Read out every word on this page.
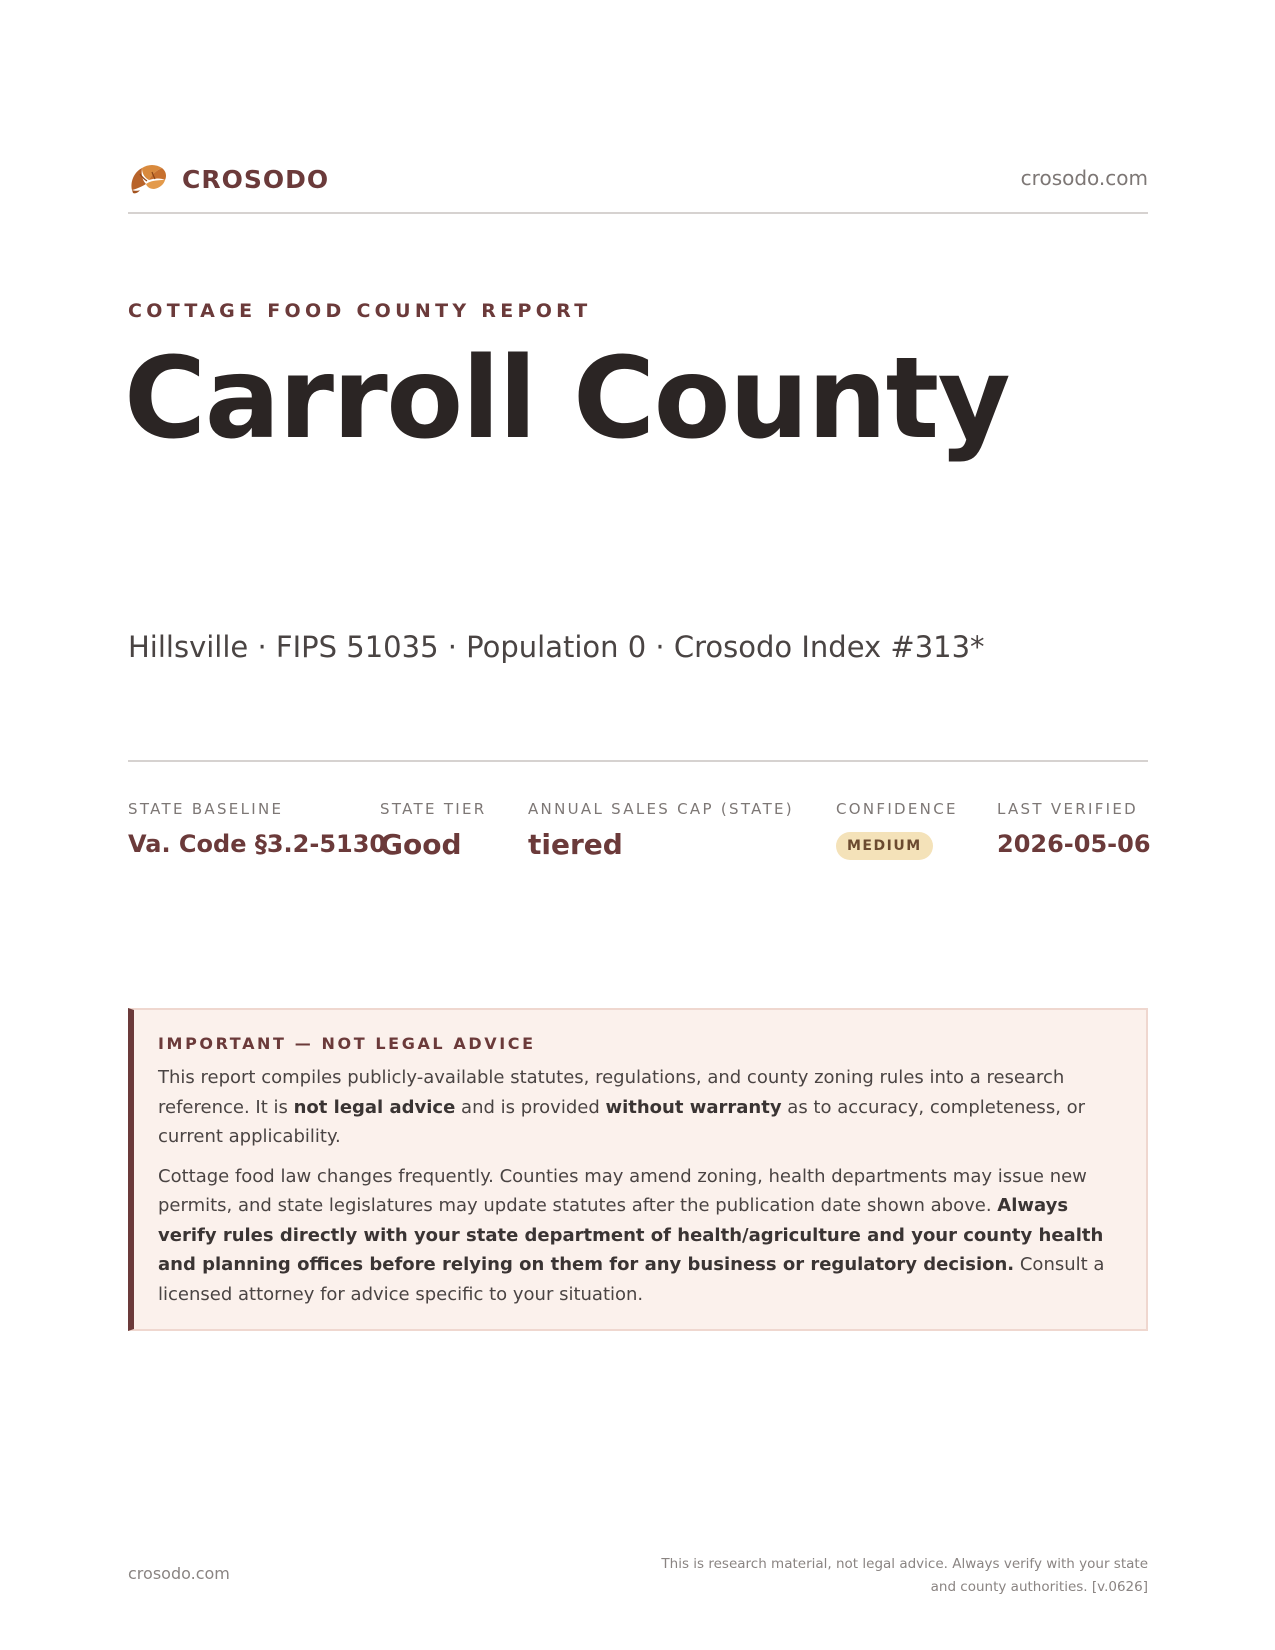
CROSODO	crosodo.com
COTTAGE FOOD COUNTY REPORT
Carroll County
Hillsville · FIPS 51035 · Population 0 · Crosodo Index #313*
STATE BASELINE
Va. Code §3.2-5130
STATE TIER
Good
ANNUAL SALES CAP (STATE)
tiered
CONFIDENCE
MEDIUM
LAST VERIFIED
2026-05-06
IMPORTANT — NOT LEGAL ADVICE

This report compiles publicly-available statutes, regulations, and county zoning rules into a research reference. It is not legal advice and is provided without warranty as to accuracy, completeness, or current applicability.

Cottage food law changes frequently. Counties may amend zoning, health departments may issue new permits, and state legislatures may update statutes after the publication date shown above. Always verify rules directly with your state department of health/agriculture and your county health and planning offices before relying on them for any business or regulatory decision. Consult a licensed attorney for advice specific to your situation.

crosodo.com	This is research material, not legal advice. Always verify with your state
and county authorities. [v.0626]
